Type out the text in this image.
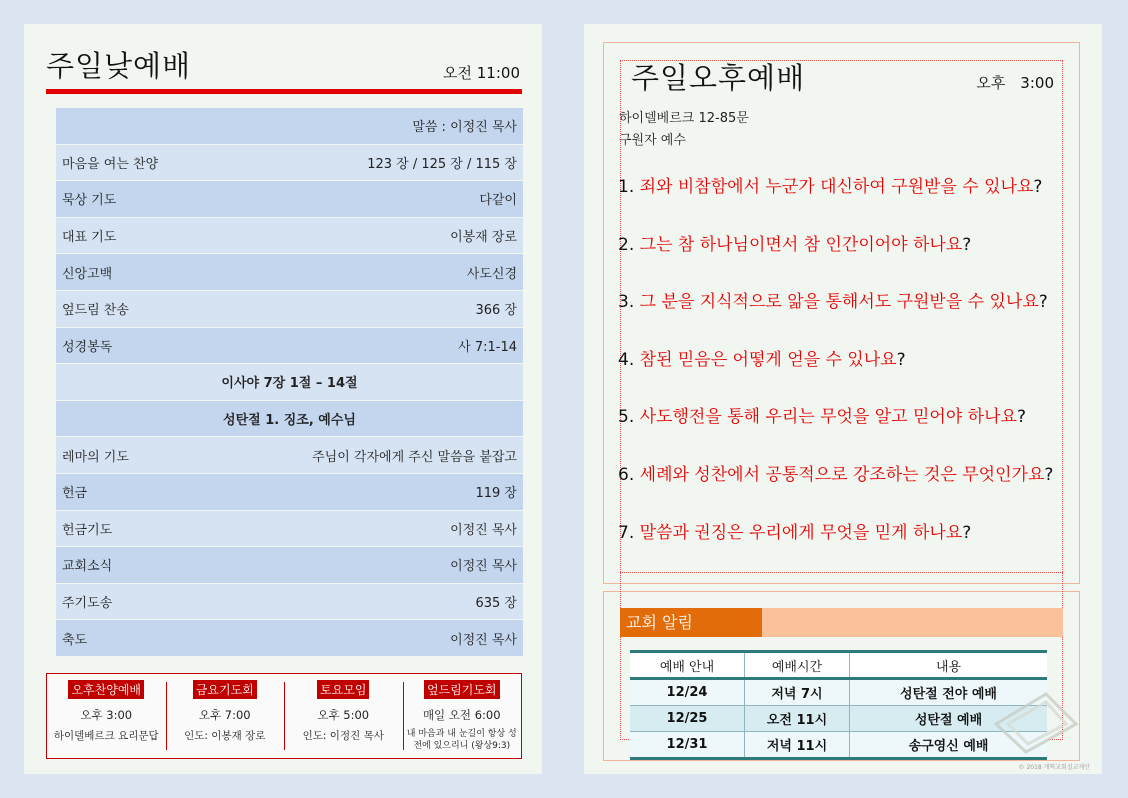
주일낮예배	오전 11:00
말씀 : 이정진 목사
마음을 여는 찬양	123 장 / 125 장 / 115 장
묵상 기도	다같이
대표 기도	이봉재 장로
신앙고백	사도신경
엎드림 찬송	366 장
성경봉독	사 7:1-14
이사야 7장 1절 – 14절
성탄절 1. 징조, 예수님
레마의 기도	주님이 각자에게 주신 말씀을 붙잡고
헌금	119 장
헌금기도	이정진 목사
교회소식	이정진 목사
주기도송	635 장
축도	이정진 목사
오후찬양예배
오후 3:00
하이델베르크 요리문답
금요기도회
오후 7:00
인도: 이봉재 장로
토요모임
오후 5:00
인도: 이정진 목사
엎드림기도회
매일 오전 6:00
내 마음과 내 눈길이 항상 성전에 있으리니 (왕상9:3)
주일오후예배	오후　3:00
하이델베르크 12-85문
구원자 예수
1. 죄와 비참함에서 누군가 대신하여 구원받을 수 있나요?
2. 그는 참 하나님이면서 참 인간이어야 하나요?
3. 그 분을 지식적으로 앎을 통해서도 구원받을 수 있나요?
4. 참된 믿음은 어떻게 얻을 수 있나요?
5. 사도행전을 통해 우리는 무엇을 알고 믿어야 하나요?
6. 세례와 성찬에서 공통적으로 강조하는 것은 무엇인가요?
7. 말씀과 권징은 우리에게 무엇을 믿게 하나요?
교회 알림
예배 안내	예배시간	내용
12/24	저녁 7시	성탄절 전야 예배
12/25	오전 11시	성탄절 예배
12/31	저녁 11시	송구영신 예배
© 2018 개혁교회설교제안
